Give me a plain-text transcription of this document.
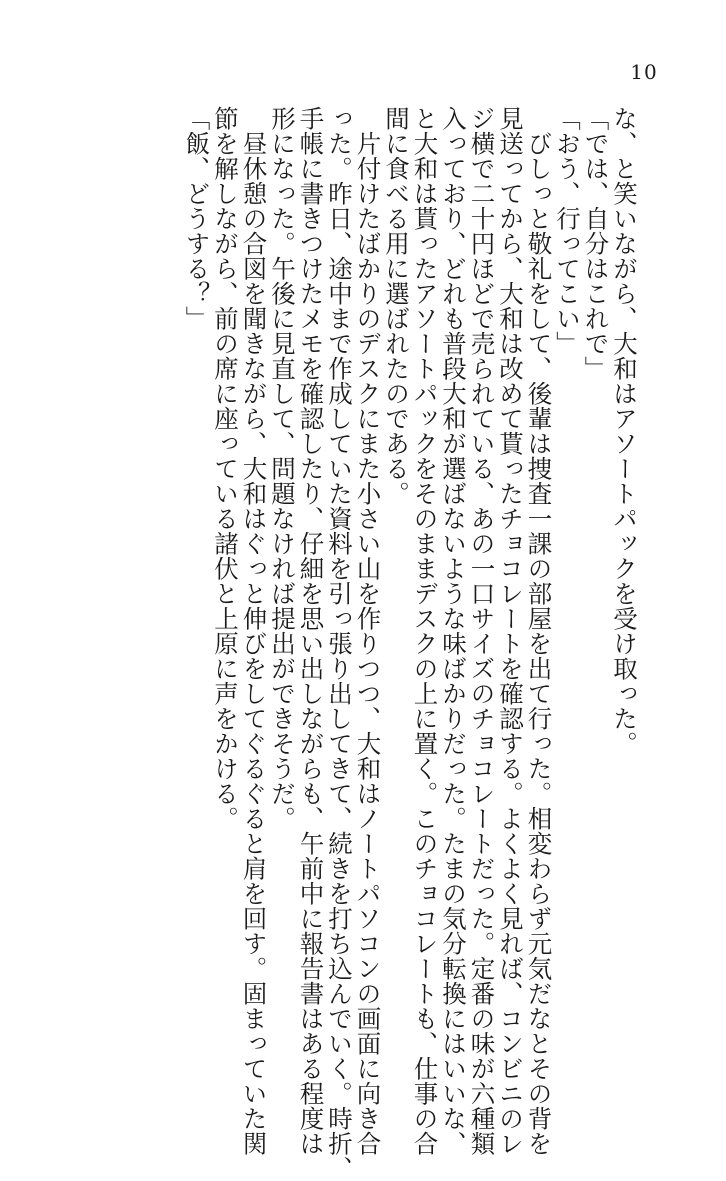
10

な、と笑いながら、大和はアソートパックを受け取った。

「では、自分はこれで」

「おう、行ってこい」

　びしっと敬礼をして、後輩は捜査一課の部屋を出て行った。相変わらず元気だなとその背を

見送ってから、大和は改めて貰ったチョコレートを確認する。よくよく見れば、コンビニのレ

ジ横で二十円ほどで売られている、あの一口サイズのチョコレートだった。定番の味が六種類

入っており、どれも普段大和が選ばないような味ばかりだった。たまの気分転換にはいいな、

と大和は貰ったアソートパックをそのままデスクの上に置く。このチョコレートも、仕事の合

間に食べる用に選ばれたのである。

　片付けたばかりのデスクにまた小さい山を作りつつ、大和はノートパソコンの画面に向き合

った。昨日、途中まで作成していた資料を引っ張り出してきて、続きを打ち込んでいく。時折、

手帳に書きつけたメモを確認したり、仔細を思い出しながらも、午前中に報告書はある程度は

形になった。午後に見直して、問題なければ提出ができそうだ。

　昼休憩の合図を聞きながら、大和はぐっと伸びをしてぐるぐると肩を回す。固まっていた関

節を解しながら、前の席に座っている諸伏と上原に声をかける。

「飯、どうする？」
